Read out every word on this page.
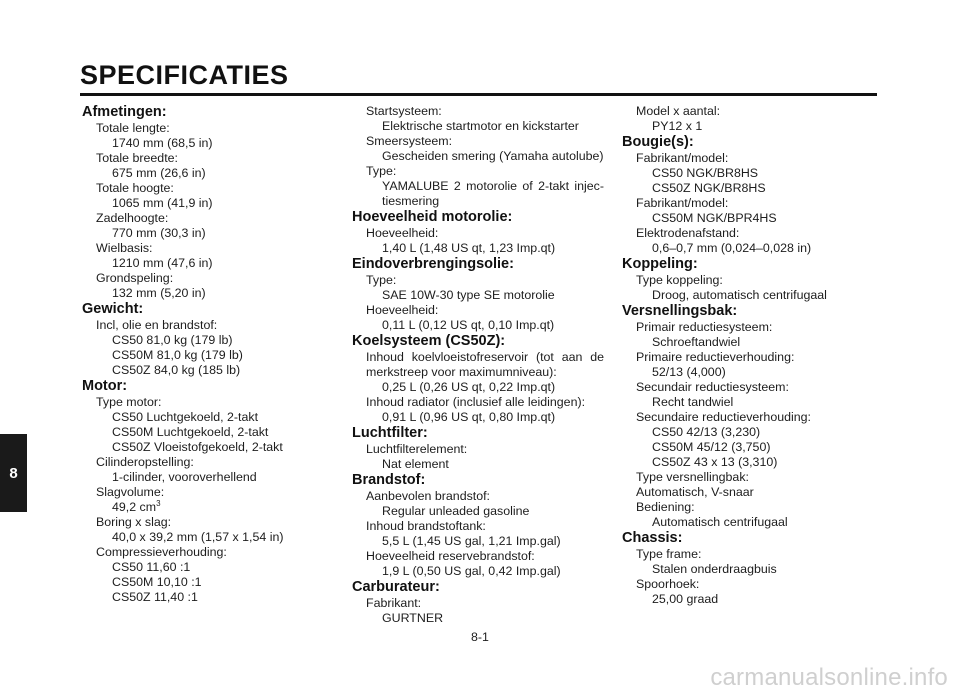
SPECIFICATIES
8
Afmetingen:
Totale lengte:
1740 mm (68,5 in)
Totale breedte:
675 mm (26,6 in)
Totale hoogte:
1065 mm (41,9 in)
Zadelhoogte:
770 mm (30,3 in)
Wielbasis:
1210 mm (47,6 in)
Grondspeling:
132 mm (5,20 in)
Gewicht:
Incl, olie en brandstof:
CS50 81,0 kg (179 lb)
CS50M 81,0 kg (179 lb)
CS50Z 84,0 kg (185 lb)
Motor:
Type motor:
CS50 Luchtgekoeld, 2-takt
CS50M Luchtgekoeld, 2-takt
CS50Z Vloeistofgekoeld, 2-takt
Cilinderopstelling:
1-cilinder, vooroverhellend
Slagvolume:
49,2 $cm^3$
Boring x slag:
40,0 x 39,2 mm (1,57 x 1,54 in)
Compressieverhouding:
CS50 11,60 :1
CS50M 10,10 :1
CS50Z 11,40 :1
Startsysteem:
Elektrische startmotor en kickstarter
Smeersysteem:
Gescheiden smering (Yamaha autolube)
Type:
YAMALUBE 2 motorolie of 2-takt injec-tiesmering
Hoeveelheid motorolie:
Hoeveelheid:
1,40 L (1,48 US qt, 1,23 Imp.qt)
Eindoverbrengingsolie:
Type:
SAE 10W-30 type SE motorolie
Hoeveelheid:
0,11 L (0,12 US qt, 0,10 Imp.qt)
Koelsysteem (CS50Z):
Inhoud koelvloeistofreservoir (tot aan de merkstreep voor maximumniveau):
0,25 L (0,26 US qt, 0,22 Imp.qt)
Inhoud radiator (inclusief alle leidingen):
0,91 L (0,96 US qt, 0,80 Imp.qt)
Luchtfilter:
Luchtfilterelement:
Nat element
Brandstof:
Aanbevolen brandstof:
Regular unleaded gasoline
Inhoud brandstoftank:
5,5 L (1,45 US gal, 1,21 Imp.gal)
Hoeveelheid reservebrandstof:
1,9 L (0,50 US gal, 0,42 Imp.gal)
Carburateur:
Fabrikant:
GURTNER
Model x aantal:
PY12 x 1
Bougie(s):
Fabrikant/model:
CS50 NGK/BR8HS
CS50Z NGK/BR8HS
Fabrikant/model:
CS50M NGK/BPR4HS
Elektrodenafstand:
0,6–0,7 mm (0,024–0,028 in)
Koppeling:
Type koppeling:
Droog, automatisch centrifugaal
Versnellingsbak:
Primair reductiesysteem:
Schroeftandwiel
Primaire reductieverhouding:
52/13 (4,000)
Secundair reductiesysteem:
Recht tandwiel
Secundaire reductieverhouding:
CS50 42/13 (3,230)
CS50M 45/12 (3,750)
CS50Z 43 x 13 (3,310)
Type versnellingbak:
Automatisch, V-snaar
Bediening:
Automatisch centrifugaal
Chassis:
Type frame:
Stalen onderdraagbuis
Spoorhoek:
25,00 graad
8-1
carmanualsonline.info
